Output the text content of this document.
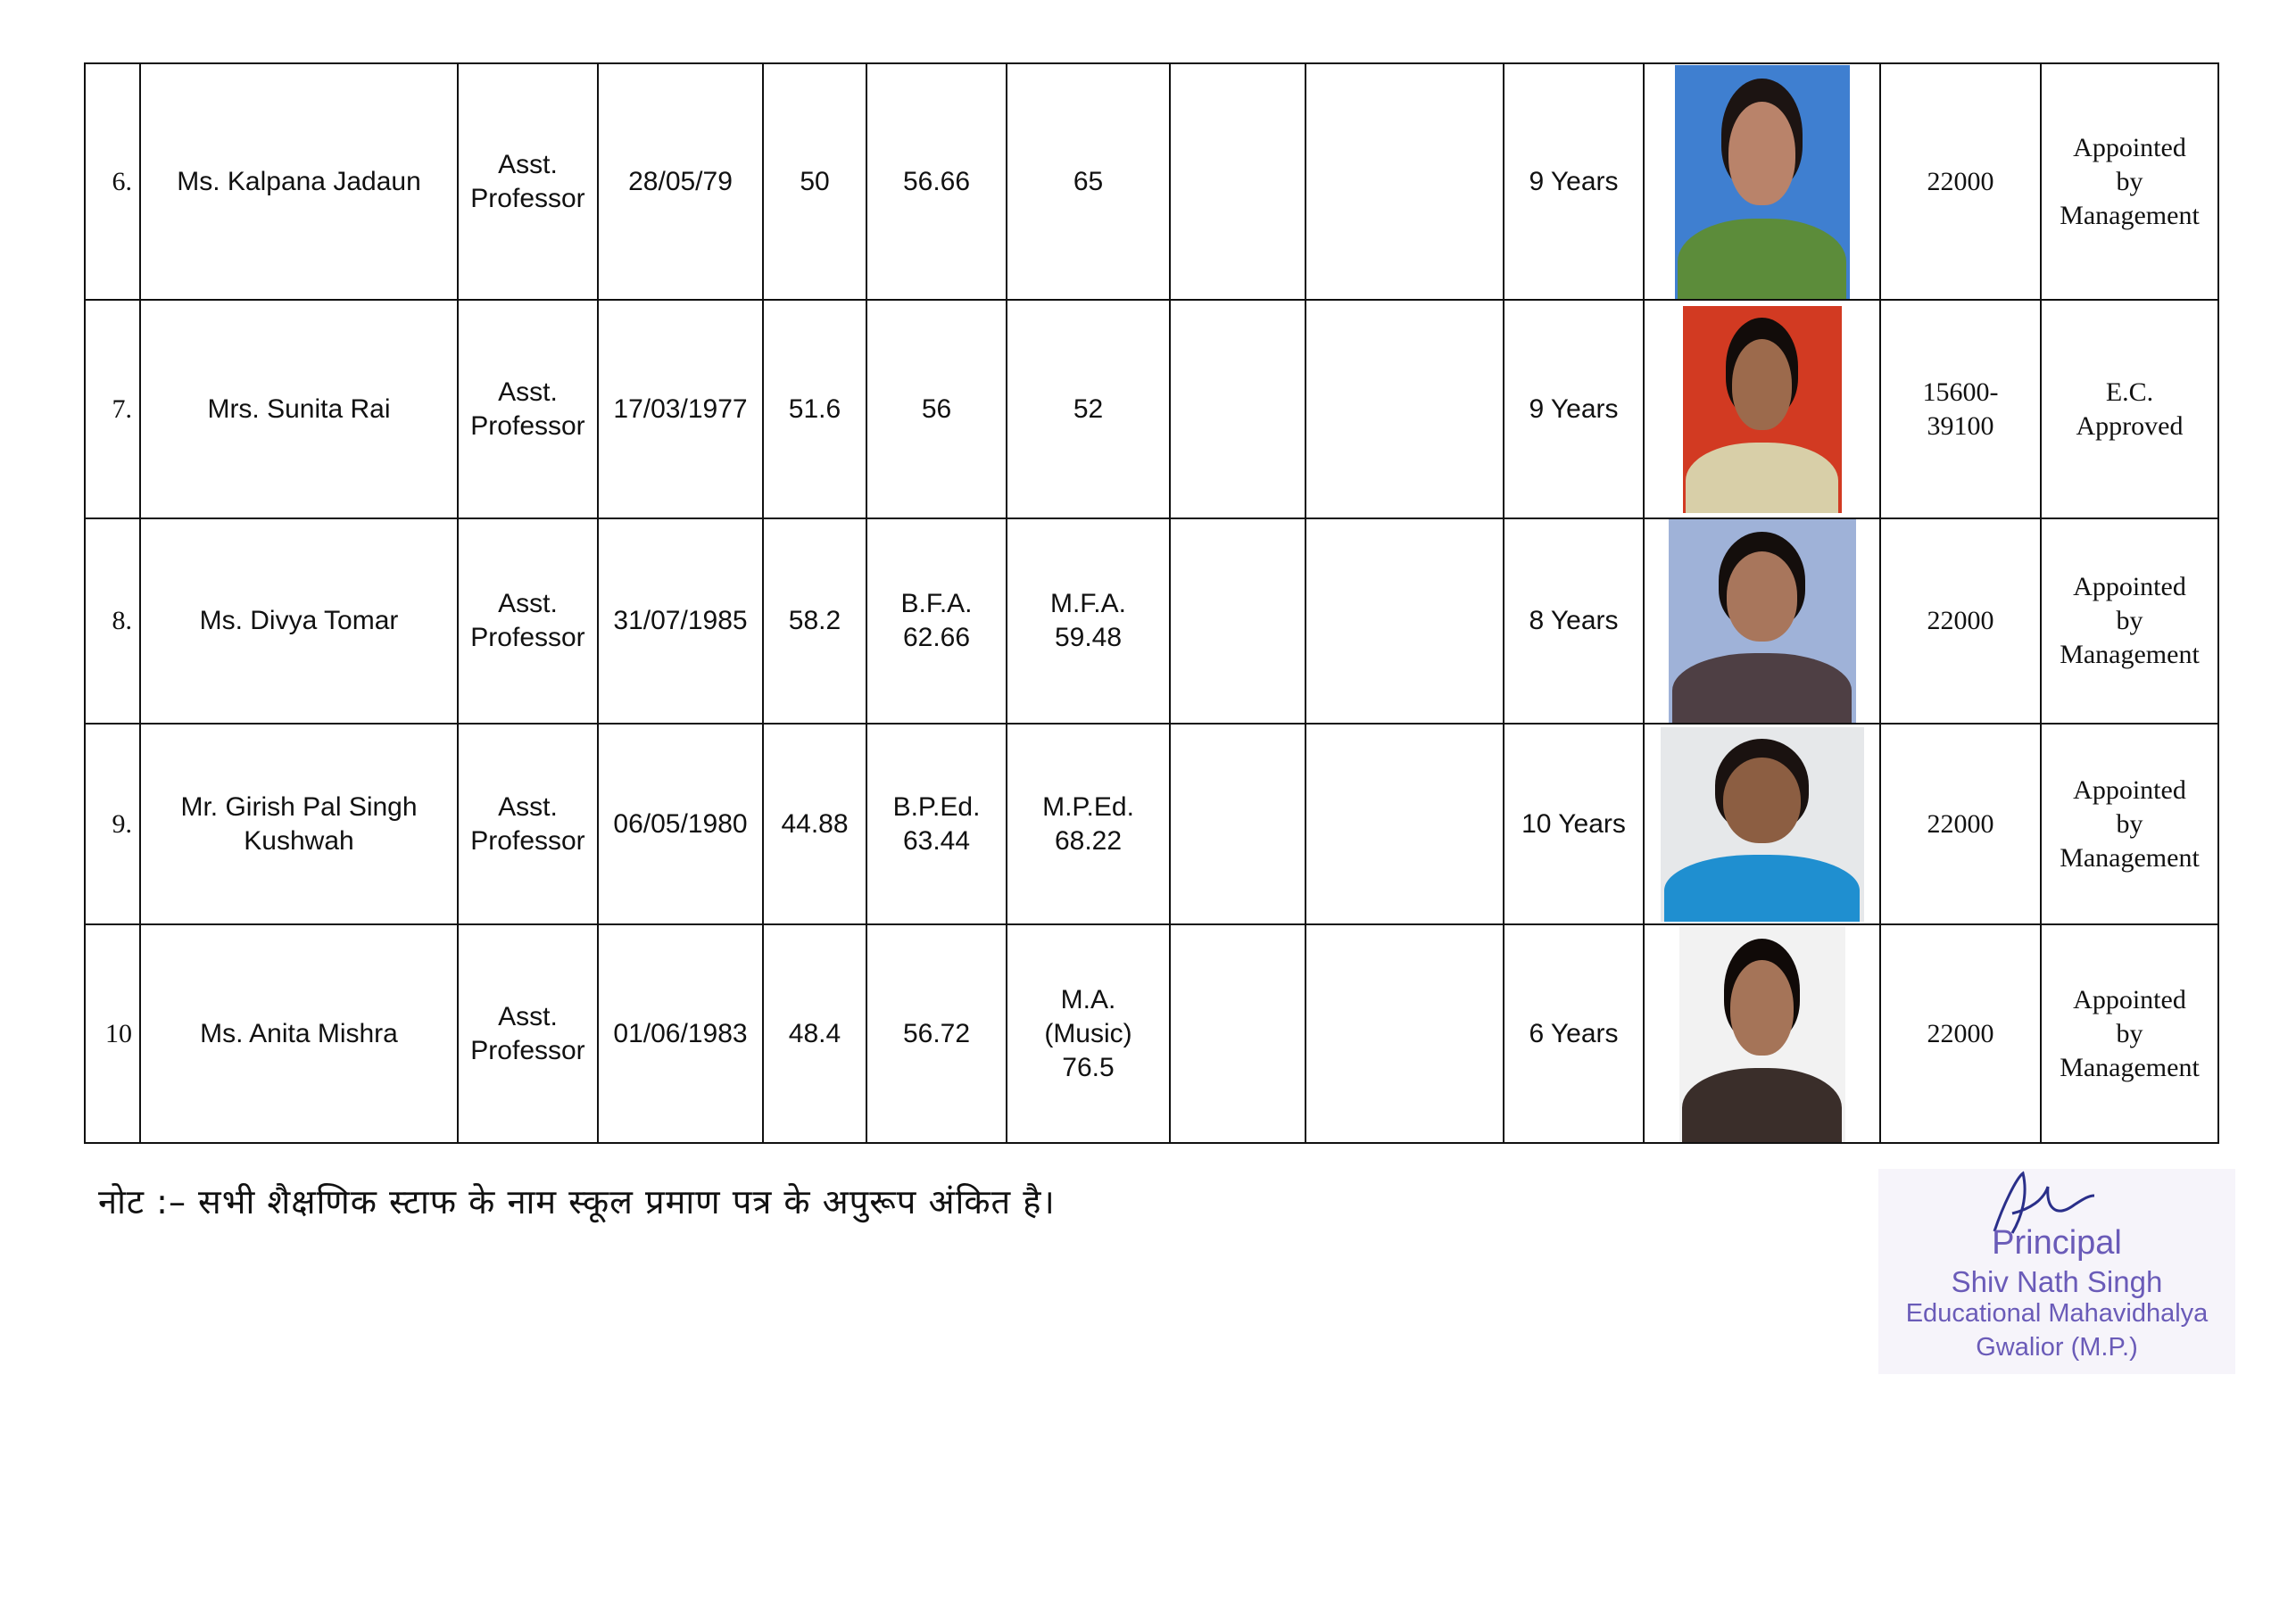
6.	Ms. Kalpana Jadaun	Asst.
Professor	28/05/79	50	56.66	65			9 Years		22000	Appointed
by
Management

7.	Mrs. Sunita Rai	Asst.
Professor	17/03/1977	51.6	56	52			9 Years		15600-
39100	E.C.
Approved

8.	Ms. Divya Tomar	Asst.
Professor	31/07/1985	58.2	B.F.A.
62.66	M.F.A.
59.48			8 Years		22000	Appointed
by
Management

9.	Mr. Girish Pal Singh Kushwah	Asst.
Professor	06/05/1980	44.88	B.P.Ed.
63.44	M.P.Ed.
68.22			10 Years		22000	Appointed
by
Management

10	Ms. Anita Mishra	Asst.
Professor	01/06/1983	48.4	56.72	M.A.
(Music)
76.5			6 Years		22000	Appointed
by
Management
नोट :– सभी शैक्षणिक स्टाफ के नाम स्कूल प्रमाण पत्र के अपुरूप अंकित है।
Principal
Shiv Nath Singh
Educational Mahavidhalya
Gwalior (M.P.)
